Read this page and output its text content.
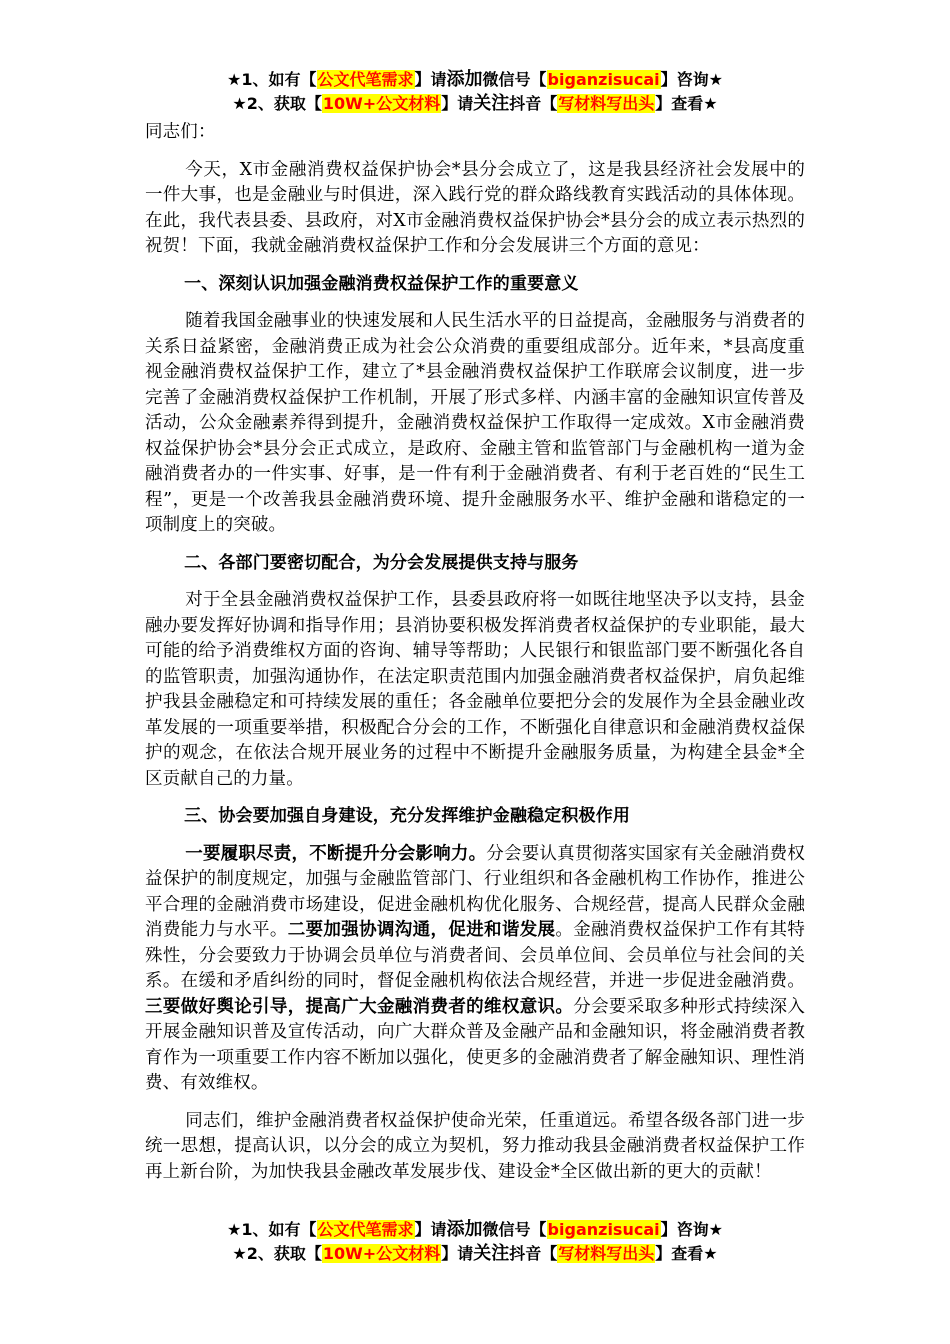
★1、如有【公文代笔需求】请添加微信号【biganzisucai】咨询★
★2、获取【10W+公文材料】请关注抖音【写材料写出头】查看★

同志们：

今天，X市金融消费权益保护协会*县分会成立了，这是我县经济社会发展中的一件大事，也是金融业与时俱进，深入践行党的群众路线教育实践活动的具体体现。在此，我代表县委、县政府，对X市金融消费权益保护协会*县分会的成立表示热烈的祝贺！下面，我就金融消费权益保护工作和分会发展讲三个方面的意见：

一、深刻认识加强金融消费权益保护工作的重要意义

随着我国金融事业的快速发展和人民生活水平的日益提高，金融服务与消费者的关系日益紧密，金融消费正成为社会公众消费的重要组成部分。近年来，*县高度重视金融消费权益保护工作，建立了*县金融消费权益保护工作联席会议制度，进一步完善了金融消费权益保护工作机制，开展了形式多样、内涵丰富的金融知识宣传普及活动，公众金融素养得到提升，金融消费权益保护工作取得一定成效。X市金融消费权益保护协会*县分会正式成立，是政府、金融主管和监管部门与金融机构一道为金融消费者办的一件实事、好事，是一件有利于金融消费者、有利于老百姓的“民生工程”，更是一个改善我县金融消费环境、提升金融服务水平、维护金融和谐稳定的一项制度上的突破。

二、各部门要密切配合，为分会发展提供支持与服务

对于全县金融消费权益保护工作，县委县政府将一如既往地坚决予以支持，县金融办要发挥好协调和指导作用；县消协要积极发挥消费者权益保护的专业职能，最大可能的给予消费维权方面的咨询、辅导等帮助；人民银行和银监部门要不断强化各自的监管职责，加强沟通协作，在法定职责范围内加强金融消费者权益保护，肩负起维护我县金融稳定和可持续发展的重任；各金融单位要把分会的发展作为全县金融业改革发展的一项重要举措，积极配合分会的工作，不断强化自律意识和金融消费权益保护的观念，在依法合规开展业务的过程中不断提升金融服务质量，为构建全县金*全区贡献自己的力量。

三、协会要加强自身建设，充分发挥维护金融稳定积极作用

一要履职尽责，不断提升分会影响力。分会要认真贯彻落实国家有关金融消费权益保护的制度规定，加强与金融监管部门、行业组织和各金融机构工作协作，推进公平合理的金融消费市场建设，促进金融机构优化服务、合规经营，提高人民群众金融消费能力与水平。二要加强协调沟通，促进和谐发展。金融消费权益保护工作有其特殊性，分会要致力于协调会员单位与消费者间、会员单位间、会员单位与社会间的关系。在缓和矛盾纠纷的同时，督促金融机构依法合规经营，并进一步促进金融消费。三要做好舆论引导，提高广大金融消费者的维权意识。分会要采取多种形式持续深入开展金融知识普及宣传活动，向广大群众普及金融产品和金融知识，将金融消费者教育作为一项重要工作内容不断加以强化，使更多的金融消费者了解金融知识、理性消费、有效维权。

同志们，维护金融消费者权益保护使命光荣，任重道远。希望各级各部门进一步统一思想，提高认识，以分会的成立为契机，努力推动我县金融消费者权益保护工作再上新台阶，为加快我县金融改革发展步伐、建设金*全区做出新的更大的贡献！

★1、如有【公文代笔需求】请添加微信号【biganzisucai】咨询★
★2、获取【10W+公文材料】请关注抖音【写材料写出头】查看★
